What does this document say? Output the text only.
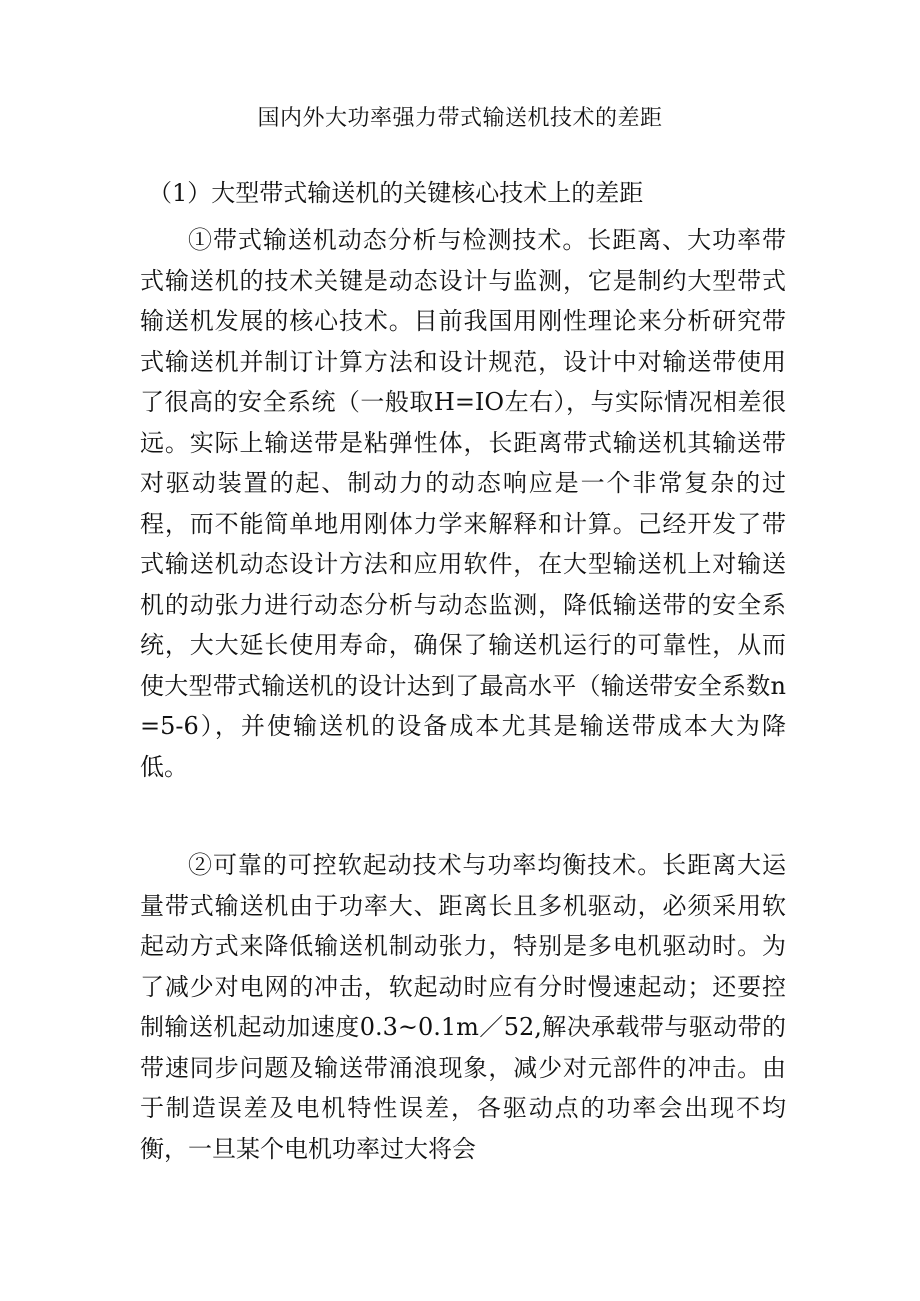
国内外大功率强力带式输送机技术的差距
（1）大型带式输送机的关键核心技术上的差距

①带式输送机动态分析与检测技术。长距离、大功率带式输送机的技术关键是动态设计与监测，它是制约大型带式输送机发展的核心技术。目前我国用刚性理论来分析研究带式输送机并制订计算方法和设计规范，设计中对输送带使用了很高的安全系统（一般取H=IO左右），与实际情况相差很远。实际上输送带是粘弹性体，长距离带式输送机其输送带对驱动装置的起、制动力的动态响应是一个非常复杂的过程，而不能简单地用刚体力学来解释和计算。己经开发了带式输送机动态设计方法和应用软件，在大型输送机上对输送机的动张力进行动态分析与动态监测，降低输送带的安全系统，大大延长使用寿命，确保了输送机运行的可靠性，从而使大型带式输送机的设计达到了最高水平（输送带安全系数n=5-6），并使输送机的设备成本尤其是输送带成本大为降低。

②可靠的可控软起动技术与功率均衡技术。长距离大运量带式输送机由于功率大、距离长且多机驱动，必须采用软起动方式来降低输送机制动张力，特别是多电机驱动时。为了减少对电网的冲击，软起动时应有分时慢速起动；还要控制输送机起动加速度0.3~0.1m／52,解决承载带与驱动带的带速同步问题及输送带涌浪现象，减少对元部件的冲击。由于制造误差及电机特性误差，各驱动点的功率会出现不均衡，一旦某个电机功率过大将会
